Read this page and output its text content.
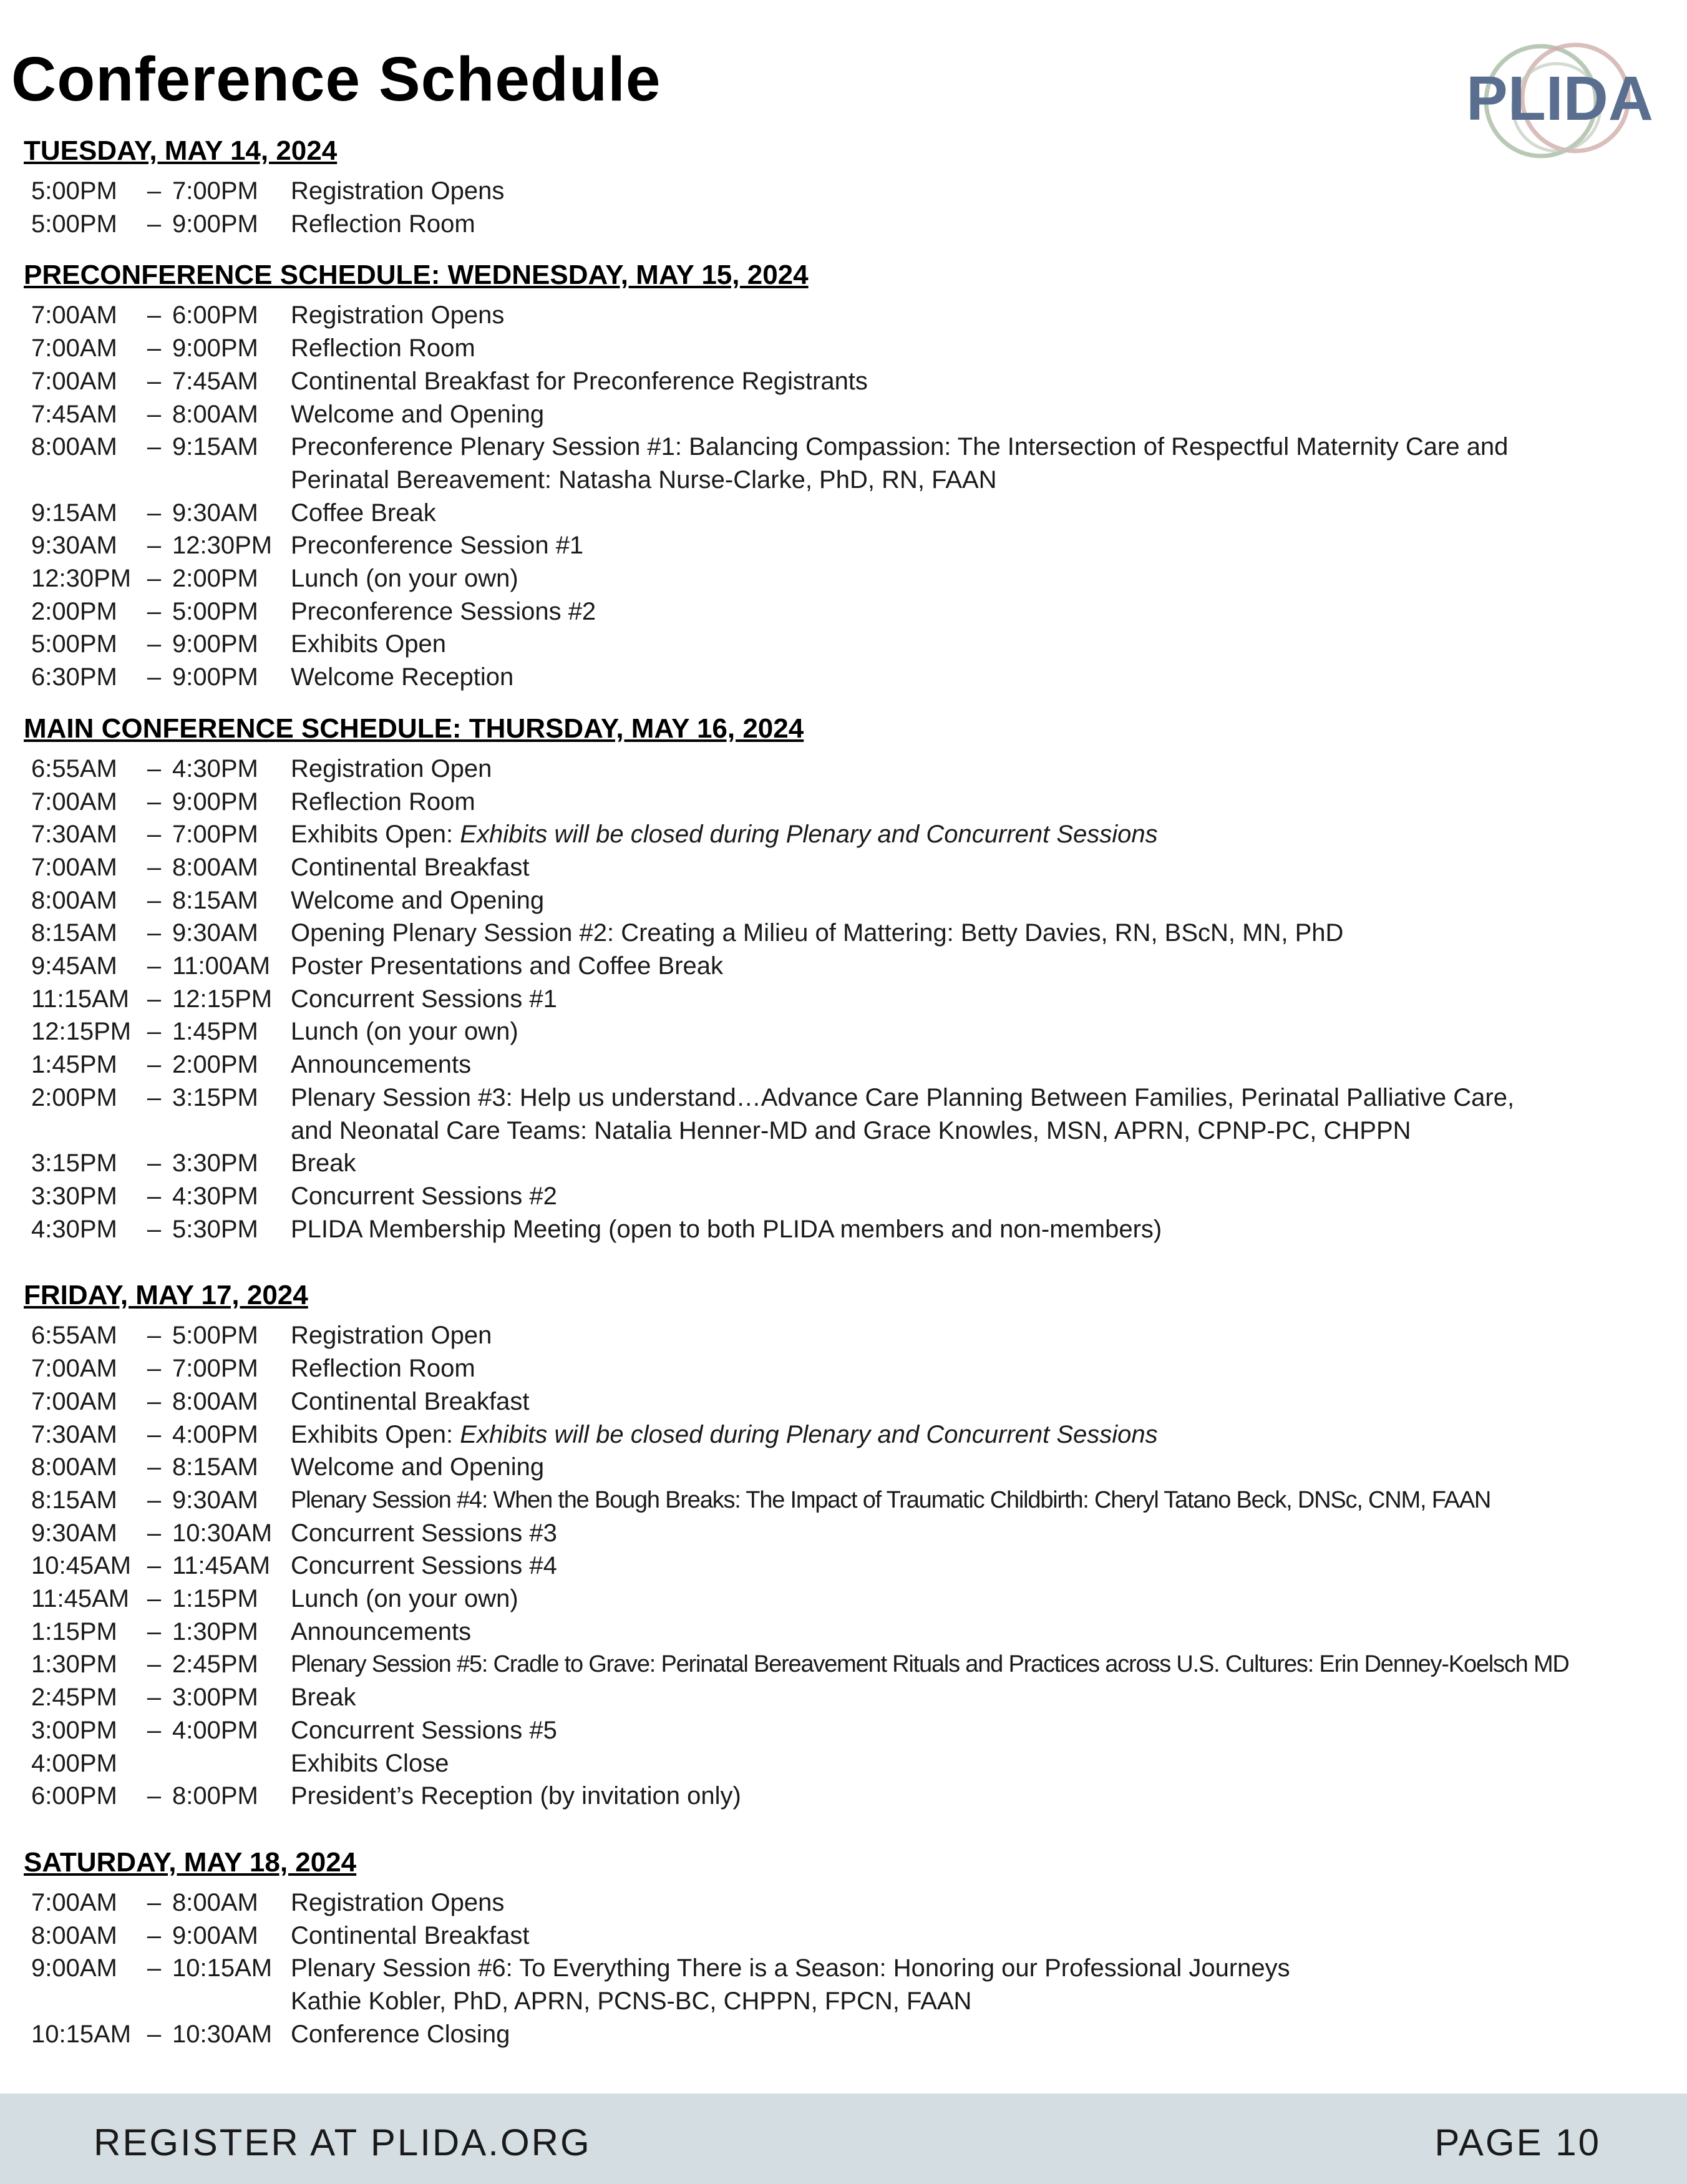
Conference Schedule	PLIDA
TUESDAY, MAY 14, 2024
5:00PM	– 7:00PM	Registration Opens
5:00PM	– 9:00PM	Reflection Room
PRECONFERENCE SCHEDULE: WEDNESDAY, MAY 15, 2024
7:00AM	– 6:00PM	Registration Opens
7:00AM	– 9:00PM	Reflection Room
7:00AM	– 7:45AM	Continental Breakfast for Preconference Registrants
7:45AM	– 8:00AM	Welcome and Opening
8:00AM	– 9:15AM	Preconference Plenary Session #1: Balancing Compassion: The Intersection of Respectful Maternity Care and
Perinatal Bereavement: Natasha Nurse-Clarke, PhD, RN, FAAN
9:15AM	– 9:30AM	Coffee Break
9:30AM	– 12:30PM Preconference Session #1
12:30PM – 2:00PM	Lunch (on your own)
2:00PM	– 5:00PM	Preconference Sessions #2
5:00PM	– 9:00PM	Exhibits Open
6:30PM	– 9:00PM	Welcome Reception
MAIN CONFERENCE SCHEDULE: THURSDAY, MAY 16, 2024
6:55AM	– 4:30PM	Registration Open
7:00AM	– 9:00PM	Reflection Room
7:30AM	– 7:00PM	Exhibits Open: Exhibits will be closed during Plenary and Concurrent Sessions
7:00AM	– 8:00AM	Continental Breakfast
8:00AM	– 8:15AM	Welcome and Opening
8:15AM	– 9:30AM	Opening Plenary Session #2: Creating a Milieu of Mattering: Betty Davies, RN, BScN, MN, PhD
9:45AM	– 11:00AM Poster Presentations and Coffee Break
11:15AM – 12:15PM Concurrent Sessions #1
12:15PM – 1:45PM	Lunch (on your own)
1:45PM	– 2:00PM	Announcements
2:00PM	– 3:15PM	Plenary Session #3: Help us understand…Advance Care Planning Between Families, Perinatal Palliative Care,
and Neonatal Care Teams: Natalia Henner-MD and Grace Knowles, MSN, APRN, CPNP-PC, CHPPN
3:15PM	– 3:30PM	Break
3:30PM	– 4:30PM	Concurrent Sessions #2
4:30PM	– 5:30PM	PLIDA Membership Meeting (open to both PLIDA members and non-members)
FRIDAY, MAY 17, 2024
6:55AM	– 5:00PM	Registration Open
7:00AM	– 7:00PM	Reflection Room
7:00AM	– 8:00AM	Continental Breakfast
7:30AM	– 4:00PM	Exhibits Open: Exhibits will be closed during Plenary and Concurrent Sessions
8:00AM	– 8:15AM	Welcome and Opening
8:15AM	– 9:30AM	Plenary Session #4: When the Bough Breaks: The Impact of Traumatic Childbirth: Cheryl Tatano Beck, DNSc, CNM, FAAN
9:30AM	– 10:30AM Concurrent Sessions #3
10:45AM – 11:45AM Concurrent Sessions #4
11:45AM – 1:15PM	Lunch (on your own)
1:15PM	– 1:30PM	Announcements
1:30PM	– 2:45PM	Plenary Session #5: Cradle to Grave: Perinatal Bereavement Rituals and Practices across U.S. Cultures: Erin Denney-Koelsch MD
2:45PM	– 3:00PM	Break
3:00PM	– 4:00PM	Concurrent Sessions #5
4:00PM	Exhibits Close
6:00PM	– 8:00PM	President’s Reception (by invitation only)
SATURDAY, MAY 18, 2024
7:00AM	– 8:00AM	Registration Opens
8:00AM	– 9:00AM	Continental Breakfast
9:00AM	– 10:15AM Plenary Session #6: To Everything There is a Season: Honoring our Professional Journeys
Kathie Kobler, PhD, APRN, PCNS-BC, CHPPN, FPCN, FAAN
10:15AM – 10:30AM Conference Closing
REGISTER AT PLIDA.ORG	PAGE 10
